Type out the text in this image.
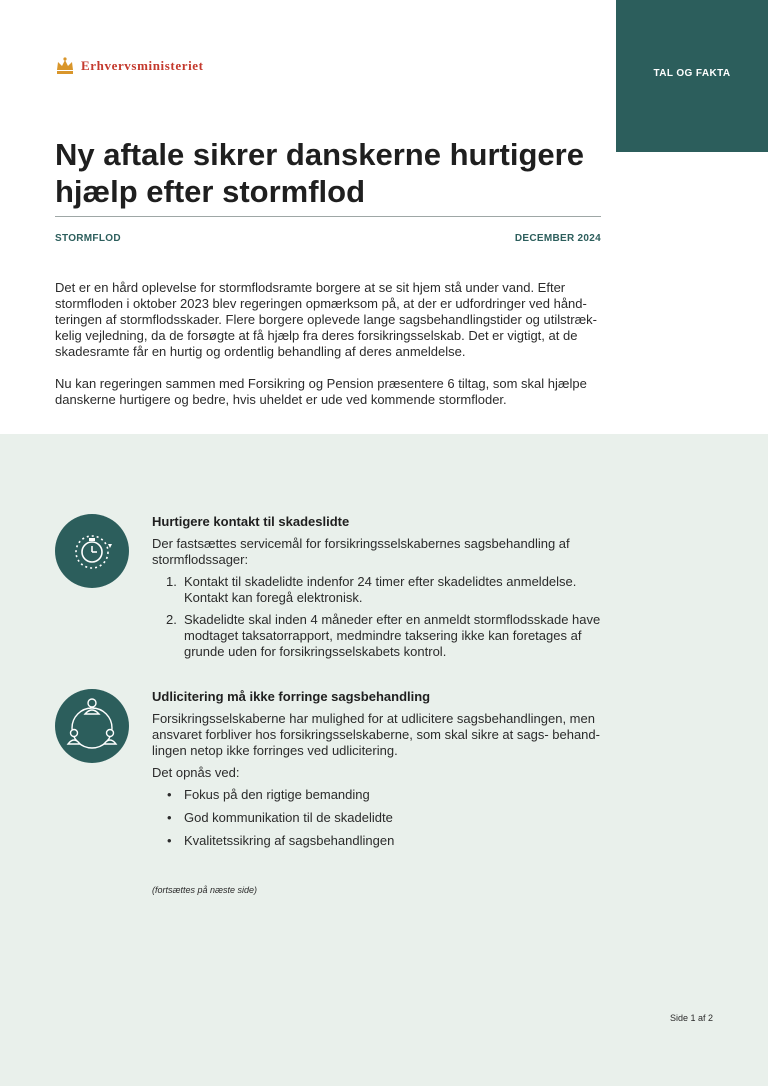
TAL OG FAKTA
Erhvervsministeriet
Ny aftale sikrer danskerne hurtigere hjælp efter stormflod
STORMFLOD	DECEMBER 2024

Det er en hård oplevelse for stormflodsramte borgere at se sit hjem stå under vand. Efter stormfloden i oktober 2023 blev regeringen opmærksom på, at der er udfordringer ved hånd-teringen af stormflodsskader. Flere borgere oplevede lange sagsbehandlingstider og utilstræk-kelig vejledning, da de forsøgte at få hjælp fra deres forsikringsselskab. Det er vigtigt, at de skadesramte får en hurtig og ordentlig behandling af deres anmeldelse.

Nu kan regeringen sammen med Forsikring og Pension præsentere 6 tiltag, som skal hjælpe danskerne hurtigere og bedre, hvis uheldet er ude ved kommende stormfloder.

Hurtigere kontakt til skadeslidte

Der fastsættes servicemål for forsikringsselskabernes sagsbehandling af stormflodssager:

1. Kontakt til skadelidte indenfor 24 timer efter skadelidtes anmeldelse. Kontakt kan foregå elektronisk.
2. Skadelidte skal inden 4 måneder efter en anmeldt stormflodsskade have modtaget taksatorrapport, medmindre taksering ikke kan foretages af grunde uden for forsikringsselskabets kontrol.

Udlicitering må ikke forringe sagsbehandling

Forsikringsselskaberne har mulighed for at udlicitere sagsbehandlingen, men ansvaret forbliver hos forsikringsselskaberne, som skal sikre at sags- behand-lingen netop ikke forringes ved udlicitering.

Det opnås ved:

• Fokus på den rigtige bemanding
• God kommunikation til de skadelidte
• Kvalitetssikring af sagsbehandlingen
(fortsættes på næste side)
Side 1 af 2
